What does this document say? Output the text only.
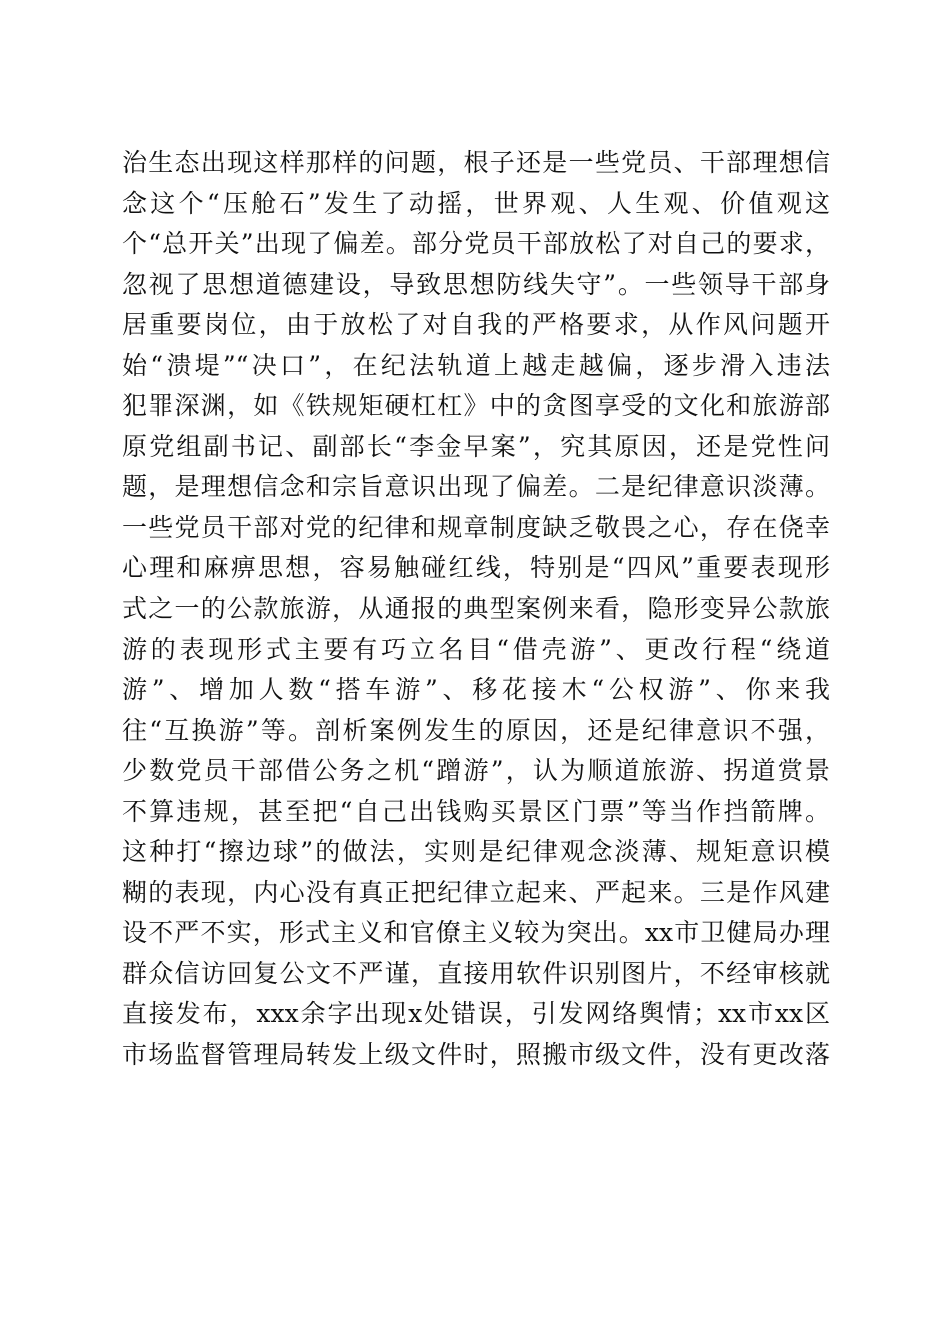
治生态出现这样那样的问题，根子还是一些党员、干部理想信
念这个“压舱石”发生了动摇，世界观、人生观、价值观这
个“总开关”出现了偏差。部分党员干部放松了对自己的要求，
忽视了思想道德建设，导致思想防线失守”。一些领导干部身
居重要岗位，由于放松了对自我的严格要求，从作风问题开
始“溃堤”“决口”，在纪法轨道上越走越偏，逐步滑入违法
犯罪深渊，如《铁规矩硬杠杠》中的贪图享受的文化和旅游部
原党组副书记、副部长“李金早案”，究其原因，还是党性问
题，是理想信念和宗旨意识出现了偏差。二是纪律意识淡薄。
一些党员干部对党的纪律和规章制度缺乏敬畏之心，存在侥幸
心理和麻痹思想，容易触碰红线，特别是“四风”重要表现形
式之一的公款旅游，从通报的典型案例来看，隐形变异公款旅
游的表现形式主要有巧立名目“借壳游”、更改行程“绕道
游”、增加人数“搭车游”、移花接木“公权游”、你来我
往“互换游”等。剖析案例发生的原因，还是纪律意识不强，
少数党员干部借公务之机“蹭游”，认为顺道旅游、拐道赏景
不算违规，甚至把“自己出钱购买景区门票”等当作挡箭牌。
这种打“擦边球”的做法，实则是纪律观念淡薄、规矩意识模
糊的表现，内心没有真正把纪律立起来、严起来。三是作风建
设不严不实，形式主义和官僚主义较为突出。xx市卫健局办理
群众信访回复公文不严谨，直接用软件识别图片，不经审核就
直接发布，xxx余字出现x处错误，引发网络舆情；xx市xx区
市场监督管理局转发上级文件时，照搬市级文件，没有更改落
